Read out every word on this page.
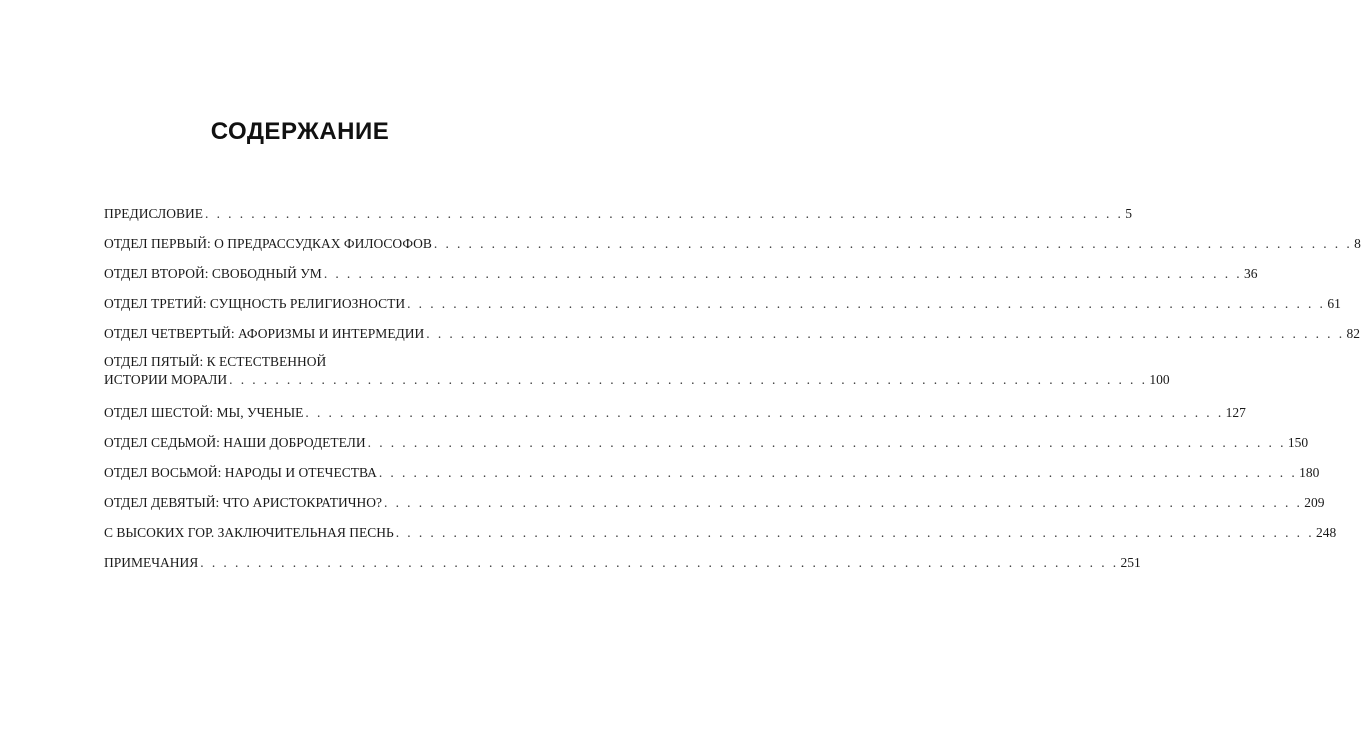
СОДЕРЖАНИЕ
ПРЕДИСЛОВИЕ . . . . . . . . . . . . . . . . . . . . . . . . . . . . . . . . . . . . . . . . . . . . . . . . . . . . . . . . . . . . . . . . . . . . . . . . . . . . . . . . 5
ОТДЕЛ ПЕРВЫЙ: О ПРЕДРАССУДКАХ ФИЛОСОФОВ . . . . . . . . . . . . . . . . . . . . . . . . . . . . . . . . . . . . . . . . . . . . . . . . . . . . . . . . . . . . . . . . . . . . . . . . . . . . . . . . 8
ОТДЕЛ ВТОРОЙ: СВОБОДНЫЙ УМ . . . . . . . . . . . . . . . . . . . . . . . . . . . . . . . . . . . . . . . . . . . . . . . . . . . . . . . . . . . . . . . . . . . . . . . . . . . . . . . . 36
ОТДЕЛ ТРЕТИЙ: СУЩНОСТЬ РЕЛИГИОЗНОСТИ . . . . . . . . . . . . . . . . . . . . . . . . . . . . . . . . . . . . . . . . . . . . . . . . . . . . . . . . . . . . . . . . . . . . . . . . . . . . . . . . 61
ОТДЕЛ ЧЕТВЕРТЫЙ: АФОРИЗМЫ И ИНТЕРМЕДИИ . . . . . . . . . . . . . . . . . . . . . . . . . . . . . . . . . . . . . . . . . . . . . . . . . . . . . . . . . . . . . . . . . . . . . . . . . . . . . . . . 82
ОТДЕЛ ПЯТЫЙ: К ЕСТЕСТВЕННОЙ
ИСТОРИИ МОРАЛИ . . . . . . . . . . . . . . . . . . . . . . . . . . . . . . . . . . . . . . . . . . . . . . . . . . . . . . . . . . . . . . . . . . . . . . . . . . . . . . . . 100
ОТДЕЛ ШЕСТОЙ: МЫ, УЧЕНЫЕ . . . . . . . . . . . . . . . . . . . . . . . . . . . . . . . . . . . . . . . . . . . . . . . . . . . . . . . . . . . . . . . . . . . . . . . . . . . . . . . . 127
ОТДЕЛ СЕДЬМОЙ: НАШИ ДОБРОДЕТЕЛИ . . . . . . . . . . . . . . . . . . . . . . . . . . . . . . . . . . . . . . . . . . . . . . . . . . . . . . . . . . . . . . . . . . . . . . . . . . . . . . . . 150
ОТДЕЛ ВОСЬМОЙ: НАРОДЫ И ОТЕЧЕСТВА . . . . . . . . . . . . . . . . . . . . . . . . . . . . . . . . . . . . . . . . . . . . . . . . . . . . . . . . . . . . . . . . . . . . . . . . . . . . . . . . 180
ОТДЕЛ ДЕВЯТЫЙ: ЧТО АРИСТОКРАТИЧНО? . . . . . . . . . . . . . . . . . . . . . . . . . . . . . . . . . . . . . . . . . . . . . . . . . . . . . . . . . . . . . . . . . . . . . . . . . . . . . . . . 209
С ВЫСОКИХ ГОР. ЗАКЛЮЧИТЕЛЬНАЯ ПЕСНЬ . . . . . . . . . . . . . . . . . . . . . . . . . . . . . . . . . . . . . . . . . . . . . . . . . . . . . . . . . . . . . . . . . . . . . . . . . . . . . . . . 248
ПРИМЕЧАНИЯ . . . . . . . . . . . . . . . . . . . . . . . . . . . . . . . . . . . . . . . . . . . . . . . . . . . . . . . . . . . . . . . . . . . . . . . . . . . . . . . . 251
